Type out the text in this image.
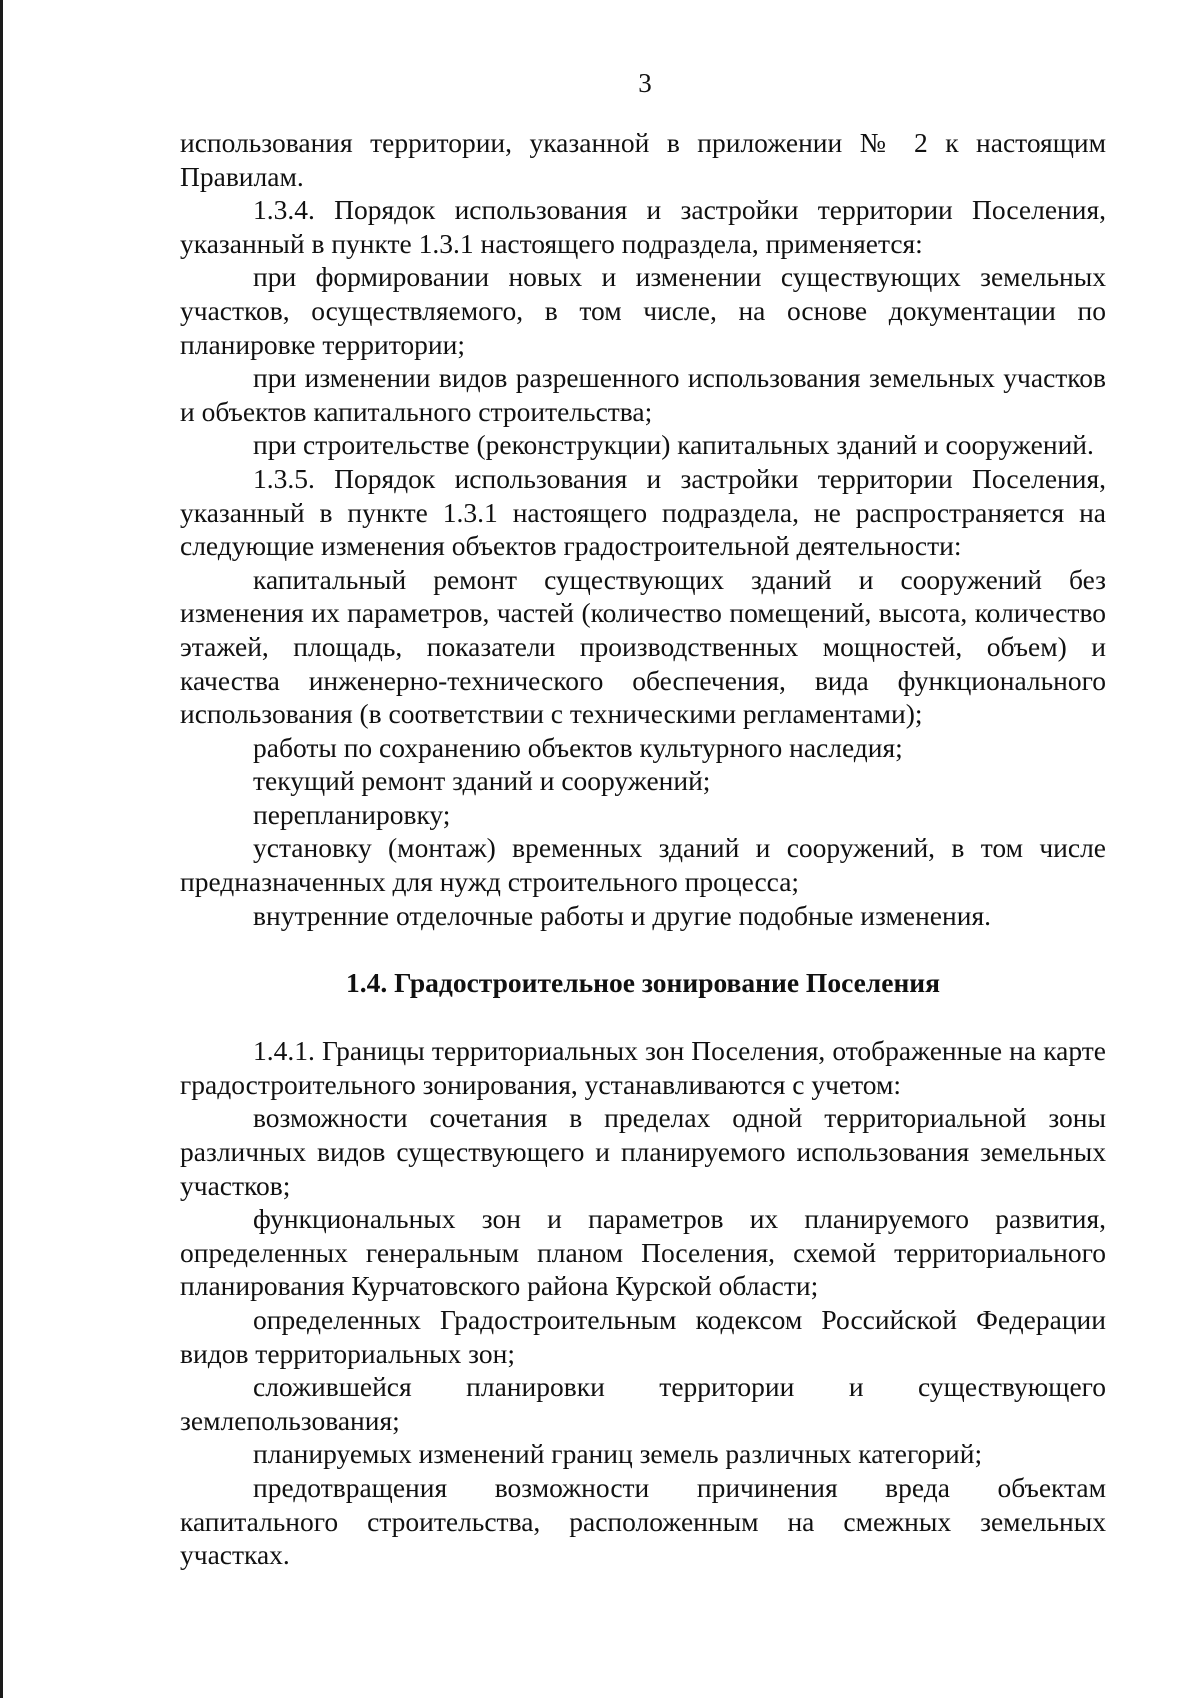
3

использования территории, указанной в приложении № 2 к настоящим Правилам.

1.3.4. Порядок использования и застройки территории Поселения, указанный в пункте 1.3.1 настоящего подраздела, применяется:

при формировании новых и изменении существующих земельных участков, осуществляемого, в том числе, на основе документации по планировке территории;

при изменении видов разрешенного использования земельных участков и объектов капитального строительства;

при строительстве (реконструкции) капитальных зданий и сооружений.

1.3.5. Порядок использования и застройки территории Поселения, указанный в пункте 1.3.1 настоящего подраздела, не распространяется на следующие изменения объектов градостроительной деятельности:

капитальный ремонт существующих зданий и сооружений без изменения их параметров, частей (количество помещений, высота, количество этажей, площадь, показатели производственных мощностей, объем) и качества инженерно-технического обеспечения, вида функционального использования (в соответствии с техническими регламентами);

работы по сохранению объектов культурного наследия;

текущий ремонт зданий и сооружений;

перепланировку;

установку (монтаж) временных зданий и сооружений, в том числе предназначенных для нужд строительного процесса;

внутренние отделочные работы и другие подобные изменения.

1.4. Градостроительное зонирование Поселения

1.4.1. Границы территориальных зон Поселения, отображенные на карте градостроительного зонирования, устанавливаются с учетом:

возможности сочетания в пределах одной территориальной зоны различных видов существующего и планируемого использования земельных участков;

функциональных зон и параметров их планируемого развития, определенных генеральным планом Поселения, схемой территориального планирования Курчатовского района Курской области;

определенных Градостроительным кодексом Российской Федерации видов территориальных зон;

сложившейся планировки территории и существующего землепользования;

планируемых изменений границ земель различных категорий;

предотвращения возможности причинения вреда объектам капитального строительства, расположенным на смежных земельных участках.
